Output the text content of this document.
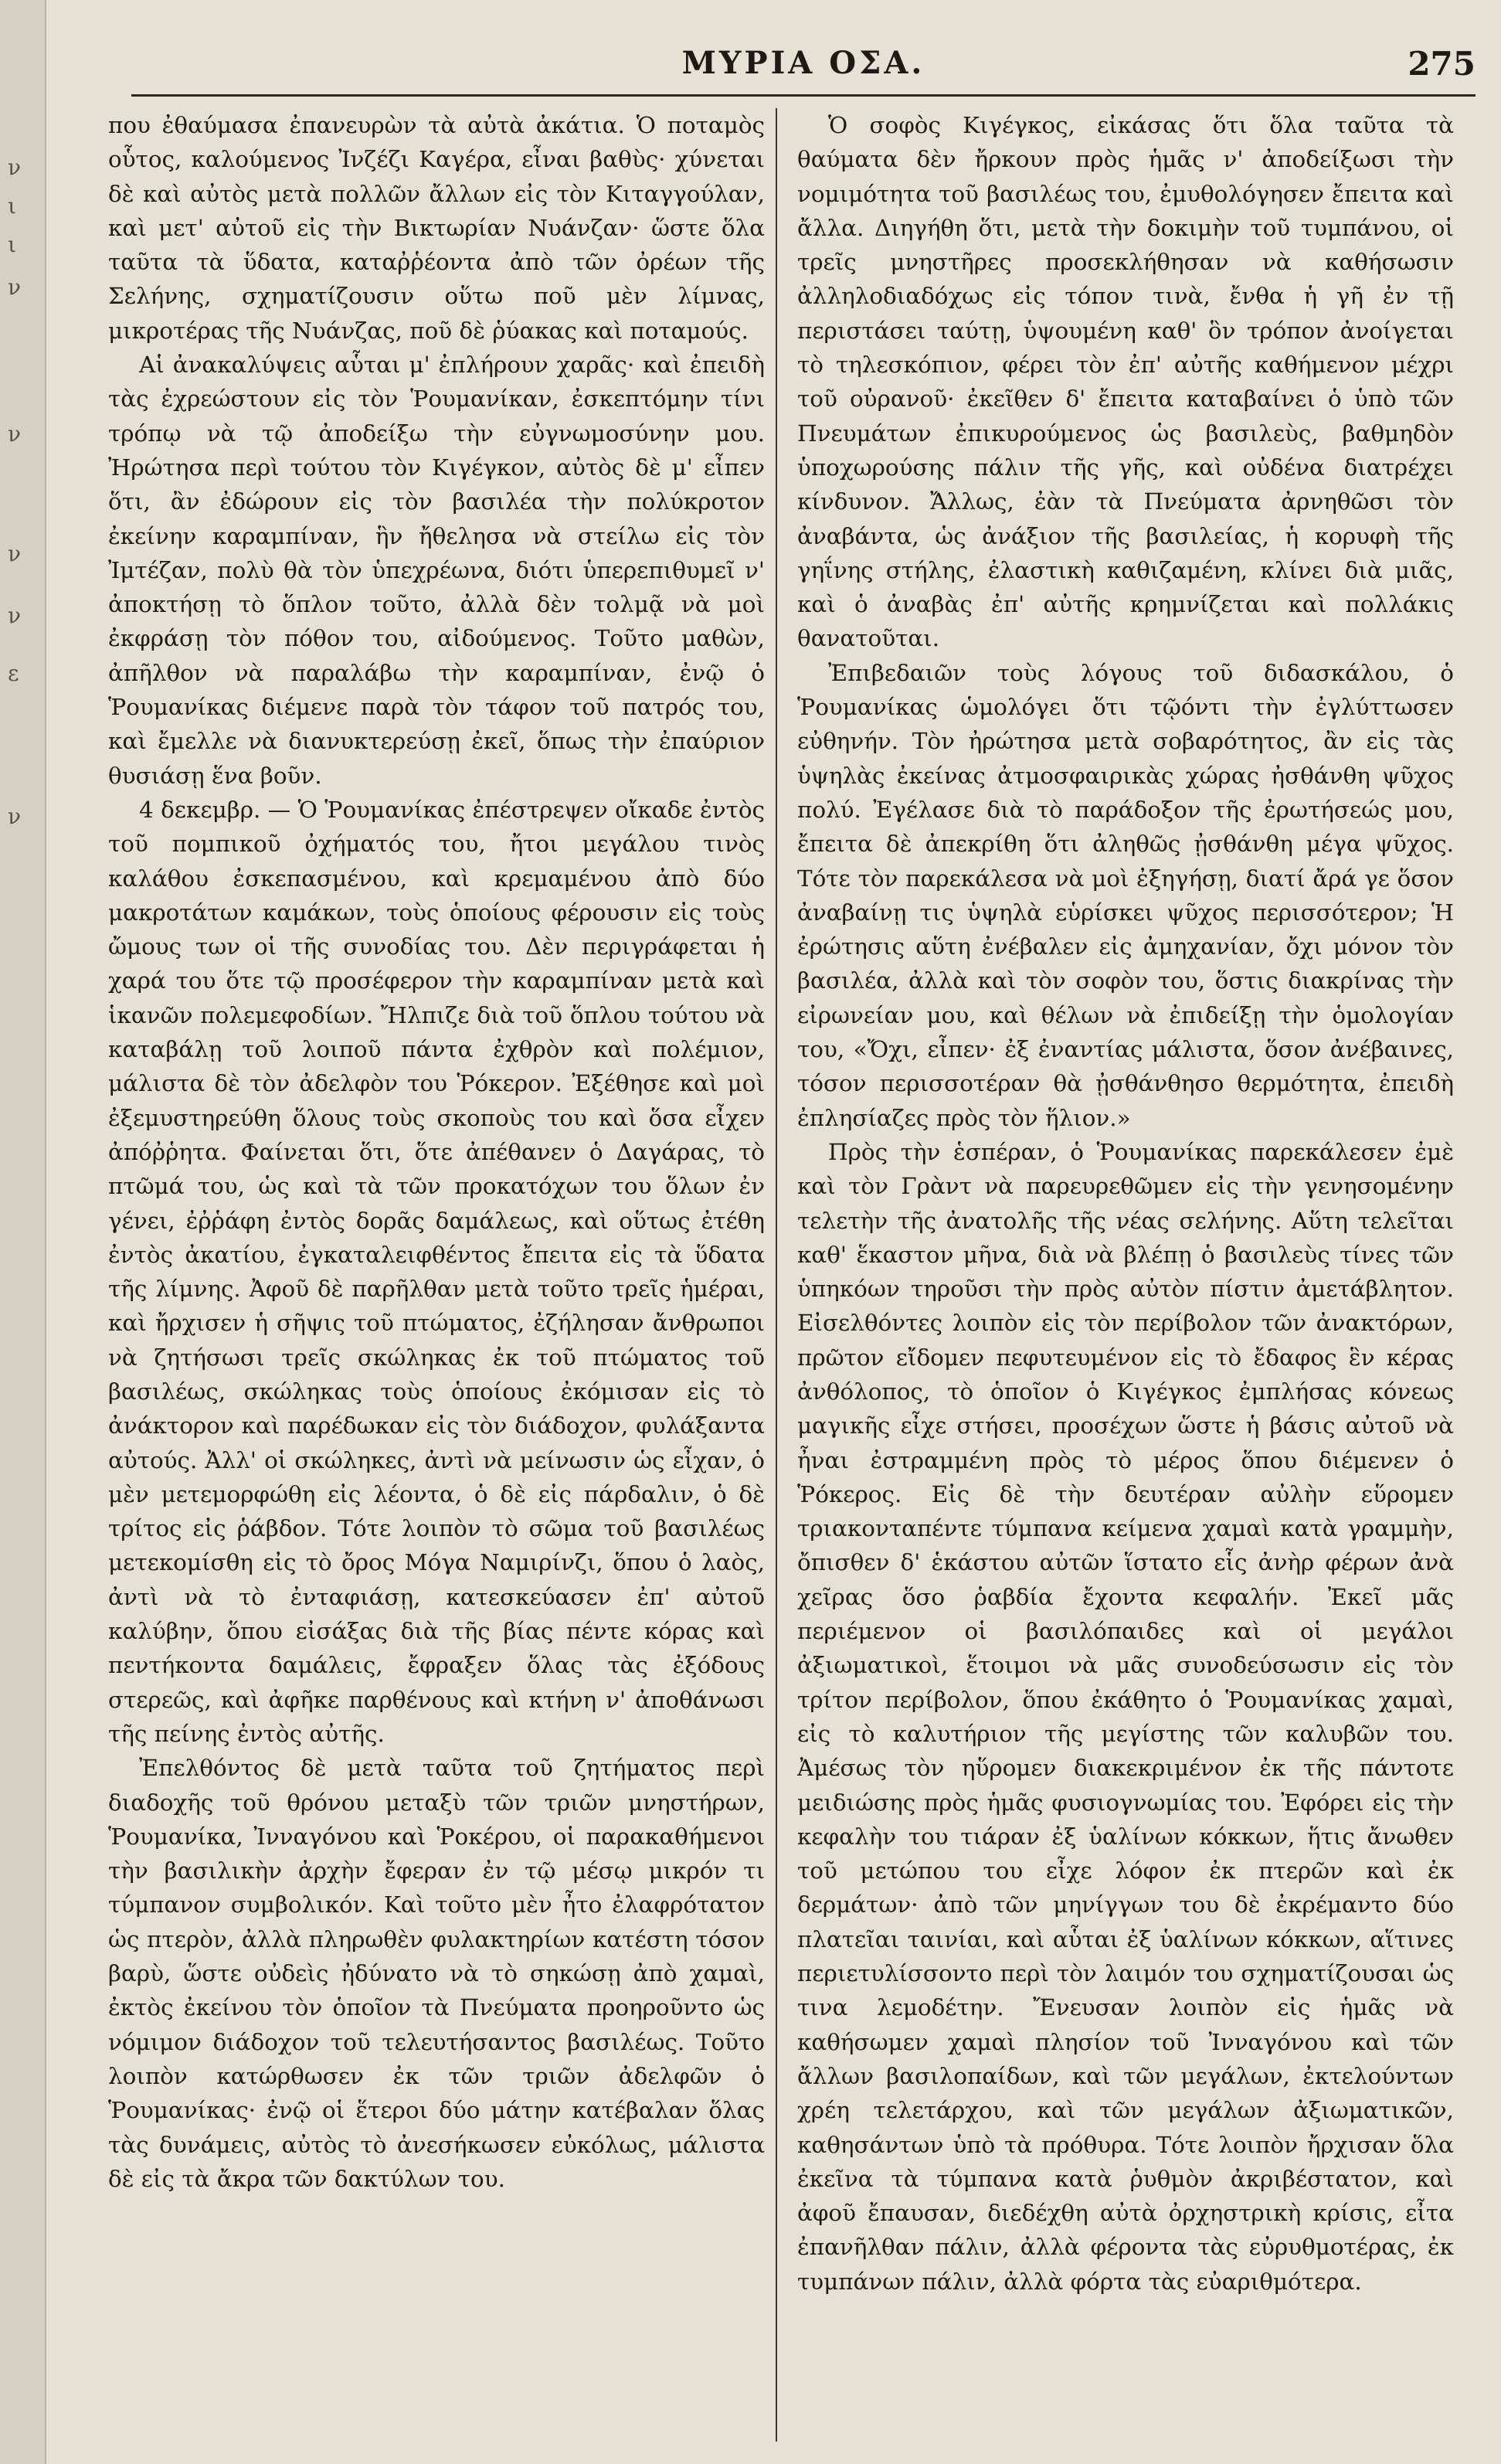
ν
ι
ι
ν
ν
ν
ν
ε
ν
ΜΥΡΙΑ ΟΣΑ.	275

που ἐθαύμασα ἐπανευρὼν τὰ αὐτὰ ἀκάτια. Ὁ ποταμὸς οὗτος, καλούμενος Ἰνζέζι Καγέρα, εἶναι βαθὺς· χύνεται δὲ καὶ αὐτὸς μετὰ πολλῶν ἄλλων εἰς τὸν Κιταγγούλαν, καὶ μετ' αὐτοῦ εἰς τὴν Βικτωρίαν Νυάνζαν· ὥστε ὅλα ταῦτα τὰ ὕδατα, καταῤῥέοντα ἀπὸ τῶν ὀρέων τῆς Σελήνης, σχηματίζουσιν οὕτω ποῦ μὲν λίμνας, μικροτέρας τῆς Νυάνζας, ποῦ δὲ ῥύακας καὶ ποταμούς.

Αἱ ἀνακαλύψεις αὗται μ' ἐπλήρουν χαρᾶς· καὶ ἐπειδὴ τὰς ἐχρεώστουν εἰς τὸν Ῥουμανίκαν, ἐσκεπτόμην τίνι τρόπῳ νὰ τῷ ἀποδείξω τὴν εὐγνωμοσύνην μου. Ἠρώτησα περὶ τούτου τὸν Κιγέγκον, αὐτὸς δὲ μ' εἶπεν ὅτι, ἂν ἐδώρουν εἰς τὸν βασιλέα τὴν πολύκροτον ἐκείνην καραμπίναν, ἣν ἤθελησα νὰ στείλω εἰς τὸν Ἰμτέζαν, πολὺ θὰ τὸν ὑπεχρέωνα, διότι ὑπερεπιθυμεῖ ν' ἀποκτήσῃ τὸ ὅπλον τοῦτο, ἀλλὰ δὲν τολμᾷ νὰ μοὶ ἐκφράσῃ τὸν πόθον του, αἰδούμενος. Τοῦτο μαθὼν, ἀπῆλθον νὰ παραλάβω τὴν καραμπίναν, ἐνῷ ὁ Ῥουμανίκας διέμενε παρὰ τὸν τάφον τοῦ πατρός του, καὶ ἔμελλε νὰ διανυκτερεύσῃ ἐκεῖ, ὅπως τὴν ἐπαύριον θυσιάσῃ ἕνα βοῦν.

4 δεκεμβρ. — Ὁ Ῥουμανίκας ἐπέστρεψεν οἴκαδε ἐντὸς τοῦ πομπικοῦ ὀχήματός του, ἤτοι μεγάλου τινὸς καλάθου ἐσκεπασμένου, καὶ κρεμαμένου ἀπὸ δύο μακροτάτων καμάκων, τοὺς ὁποίους φέρουσιν εἰς τοὺς ὤμους των οἱ τῆς συνοδίας του. Δὲν περιγράφεται ἡ χαρά του ὅτε τῷ προσέφερον τὴν καραμπίναν μετὰ καὶ ἱκανῶν πολεμεφοδίων. Ἤλπιζε διὰ τοῦ ὅπλου τούτου νὰ καταβάλῃ τοῦ λοιποῦ πάντα ἐχθρὸν καὶ πολέμιον, μάλιστα δὲ τὸν ἀδελφὸν του Ῥόκερον. Ἐξέθησε καὶ μοὶ ἐξεμυστηρεύθη ὅλους τοὺς σκοποὺς του καὶ ὅσα εἶχεν ἀπόῤῥητα. Φαίνεται ὅτι, ὅτε ἀπέθανεν ὁ Δαγάρας, τὸ πτῶμά του, ὡς καὶ τὰ τῶν προκατόχων του ὅλων ἐν γένει, ἐῤῥάφη ἐντὸς δορᾶς δαμάλεως, καὶ οὕτως ἐτέθη ἐντὸς ἀκατίου, ἐγκαταλειφθέντος ἔπειτα εἰς τὰ ὕδατα τῆς λίμνης. Ἀφοῦ δὲ παρῆλθαν μετὰ τοῦτο τρεῖς ἡμέραι, καὶ ἤρχισεν ἡ σῆψις τοῦ πτώματος, ἐζήλησαν ἄνθρωποι νὰ ζητήσωσι τρεῖς σκώληκας ἐκ τοῦ πτώματος τοῦ βασιλέως, σκώληκας τοὺς ὁποίους ἐκόμισαν εἰς τὸ ἀνάκτορον καὶ παρέδωκαν εἰς τὸν διάδοχον, φυλάξαντα αὐτούς. Ἀλλ' οἱ σκώληκες, ἀντὶ νὰ μείνωσιν ὡς εἶχαν, ὁ μὲν μετεμορφώθη εἰς λέοντα, ὁ δὲ εἰς πάρδαλιν, ὁ δὲ τρίτος εἰς ῥάβδον. Τότε λοιπὸν τὸ σῶμα τοῦ βασιλέως μετεκομίσθη εἰς τὸ ὄρος Μόγα Ναμιρίνζι, ὅπου ὁ λαὸς, ἀντὶ νὰ τὸ ἐνταφιάσῃ, κατεσκεύασεν ἐπ' αὐτοῦ καλύβην, ὅπου εἰσάξας διὰ τῆς βίας πέντε κόρας καὶ πεντήκοντα δαμάλεις, ἔφραξεν ὅλας τὰς ἐξόδους στερεῶς, καὶ ἀφῆκε παρθένους καὶ κτήνη ν' ἀποθάνωσι τῆς πείνης ἐντὸς αὐτῆς.

Ἐπελθόντος δὲ μετὰ ταῦτα τοῦ ζητήματος περὶ διαδοχῆς τοῦ θρόνου μεταξὺ τῶν τριῶν μνηστήρων, Ῥουμανίκα, Ἰνναγόνου καὶ Ῥοκέρου, οἱ παρακαθήμενοι τὴν βασιλικὴν ἀρχὴν ἔφεραν ἐν τῷ μέσῳ μικρόν τι τύμπανον συμβολικόν. Καὶ τοῦτο μὲν ἦτο ἐλαφρότατον ὡς πτερὸν, ἀλλὰ πληρωθὲν φυλακτηρίων κατέστη τόσον βαρὺ, ὥστε οὐδεὶς ἠδύνατο νὰ τὸ σηκώσῃ ἀπὸ χαμαὶ, ἐκτὸς ἐκείνου τὸν ὁποῖον τὰ Πνεύματα προηροῦντο ὡς νόμιμον διάδοχον τοῦ τελευτήσαντος βασιλέως. Τοῦτο λοιπὸν κατώρθωσεν ἐκ τῶν τριῶν ἀδελφῶν ὁ Ῥουμανίκας· ἐνῷ οἱ ἕτεροι δύο μάτην κατέβαλαν ὅλας τὰς δυνάμεις, αὐτὸς τὸ ἀνεσήκωσεν εὐκόλως, μάλιστα δὲ εἰς τὰ ἄκρα τῶν δακτύλων του.

Ὁ σοφὸς Κιγέγκος, εἰκάσας ὅτι ὅλα ταῦτα τὰ θαύματα δὲν ἤρκουν πρὸς ἡμᾶς ν' ἀποδείξωσι τὴν νομιμότητα τοῦ βασιλέως του, ἐμυθολόγησεν ἔπειτα καὶ ἄλλα. Διηγήθη ὅτι, μετὰ τὴν δοκιμὴν τοῦ τυμπάνου, οἱ τρεῖς μνηστῆρες προσεκλήθησαν νὰ καθήσωσιν ἀλληλοδιαδόχως εἰς τόπον τινὰ, ἔνθα ἡ γῆ ἐν τῇ περιστάσει ταύτῃ, ὑψουμένη καθ' ὃν τρόπον ἀνοίγεται τὸ τηλεσκόπιον, φέρει τὸν ἐπ' αὐτῆς καθήμενον μέχρι τοῦ οὐρανοῦ· ἐκεῖθεν δ' ἔπειτα καταβαίνει ὁ ὑπὸ τῶν Πνευμάτων ἐπικυρούμενος ὡς βασιλεὺς, βαθμηδὸν ὑποχωρούσης πάλιν τῆς γῆς, καὶ οὐδένα διατρέχει κίνδυνον. Ἄλλως, ἐὰν τὰ Πνεύματα ἀρνηθῶσι τὸν ἀναβάντα, ὡς ἀνάξιον τῆς βασιλείας, ἡ κορυφὴ τῆς γηΐνης στήλης, ἐλαστικὴ καθιζαμένη, κλίνει διὰ μιᾶς, καὶ ὁ ἀναβὰς ἐπ' αὐτῆς κρημνίζεται καὶ πολλάκις θανατοῦται.

Ἐπιβεδαιῶν τοὺς λόγους τοῦ διδασκάλου, ὁ Ῥουμανίκας ὡμολόγει ὅτι τῷόντι τὴν ἐγλύττωσεν εὐθηνήν. Τὸν ἠρώτησα μετὰ σοβαρότητος, ἂν εἰς τὰς ὑψηλὰς ἐκείνας ἀτμοσφαιρικὰς χώρας ἠσθάνθη ψῦχος πολύ. Ἐγέλασε διὰ τὸ παράδοξον τῆς ἐρωτήσεώς μου, ἔπειτα δὲ ἀπεκρίθη ὅτι ἀληθῶς ᾐσθάνθη μέγα ψῦχος. Τότε τὸν παρεκάλεσα νὰ μοὶ ἐξηγήσῃ, διατί ἄρά γε ὅσον ἀναβαίνῃ τις ὑψηλὰ εὑρίσκει ψῦχος περισσότερον; Ἡ ἐρώτησις αὕτη ἐνέβαλεν εἰς ἀμηχανίαν, ὄχι μόνον τὸν βασιλέα, ἀλλὰ καὶ τὸν σοφὸν του, ὅστις διακρίνας τὴν εἰρωνείαν μου, καὶ θέλων νὰ ἐπιδείξῃ τὴν ὁμολογίαν του, «Ὄχι, εἶπεν· ἐξ ἐναντίας μάλιστα, ὅσον ἀνέβαινες, τόσον περισσοτέραν θὰ ᾐσθάνθησο θερμότητα, ἐπειδὴ ἐπλησίαζες πρὸς τὸν ἥλιον.»

Πρὸς τὴν ἑσπέραν, ὁ Ῥουμανίκας παρεκάλεσεν ἐμὲ καὶ τὸν Γρὰντ νὰ παρευρεθῶμεν εἰς τὴν γενησομένην τελετὴν τῆς ἀνατολῆς τῆς νέας σελήνης. Αὕτη τελεῖται καθ' ἕκαστον μῆνα, διὰ νὰ βλέπῃ ὁ βασιλεὺς τίνες τῶν ὑπηκόων τηροῦσι τὴν πρὸς αὐτὸν πίστιν ἀμετάβλητον. Εἰσελθόντες λοιπὸν εἰς τὸν περίβολον τῶν ἀνακτόρων, πρῶτον εἴδομεν πεφυτευμένον εἰς τὸ ἔδαφος ἓν κέρας ἀνθόλοπος, τὸ ὁποῖον ὁ Κιγέγκος ἐμπλήσας κόνεως μαγικῆς εἶχε στήσει, προσέχων ὥστε ἡ βάσις αὐτοῦ νὰ ἦναι ἐστραμμένη πρὸς τὸ μέρος ὅπου διέμενεν ὁ Ῥόκερος. Εἰς δὲ τὴν δευτέραν αὐλὴν εὕρομεν τριακονταπέντε τύμπανα κείμενα χαμαὶ κατὰ γραμμὴν, ὄπισθεν δ' ἑκάστου αὐτῶν ἵστατο εἷς ἀνὴρ φέρων ἀνὰ χεῖρας ὅσο ῥαβδία ἔχοντα κεφαλήν. Ἐκεῖ μᾶς περιέμενον οἱ βασιλόπαιδες καὶ οἱ μεγάλοι ἀξιωματικοὶ, ἕτοιμοι νὰ μᾶς συνοδεύσωσιν εἰς τὸν τρίτον περίβολον, ὅπου ἐκάθητο ὁ Ῥουμανίκας χαμαὶ, εἰς τὸ καλυτήριον τῆς μεγίστης τῶν καλυβῶν του. Ἀμέσως τὸν ηὕρομεν διακεκριμένον ἐκ τῆς πάντοτε μειδιώσης πρὸς ἡμᾶς φυσιογνωμίας του. Ἐφόρει εἰς τὴν κεφαλὴν του τιάραν ἐξ ὑαλίνων κόκκων, ἥτις ἄνωθεν τοῦ μετώπου του εἶχε λόφον ἐκ πτερῶν καὶ ἐκ δερμάτων· ἀπὸ τῶν μηνίγγων του δὲ ἐκρέμαντο δύο πλατεῖαι ταινίαι, καὶ αὗται ἐξ ὑαλίνων κόκκων, αἵτινες περιετυλίσσοντο περὶ τὸν λαιμόν του σχηματίζουσαι ὡς τινα λεμοδέτην. Ἔνευσαν λοιπὸν εἰς ἡμᾶς νὰ καθήσωμεν χαμαὶ πλησίον τοῦ Ἰνναγόνου καὶ τῶν ἄλλων βασιλοπαίδων, καὶ τῶν μεγάλων, ἐκτελούντων χρέη τελετάρχου, καὶ τῶν μεγάλων ἀξιωματικῶν, καθησάντων ὑπὸ τὰ πρόθυρα. Τότε λοιπὸν ἤρχισαν ὅλα ἐκεῖνα τὰ τύμπανα κατὰ ῥυθμὸν ἀκριβέστατον, καὶ ἀφοῦ ἔπαυσαν, διεδέχθη αὐτὰ ὀρχηστρικὴ κρίσις, εἶτα ἐπανῆλθαν πάλιν, ἀλλὰ φέροντα τὰς εὐρυθμοτέρας, ἐκ τυμπάνων πάλιν, ἀλλὰ φόρτα τὰς εὐαριθμότερα.
